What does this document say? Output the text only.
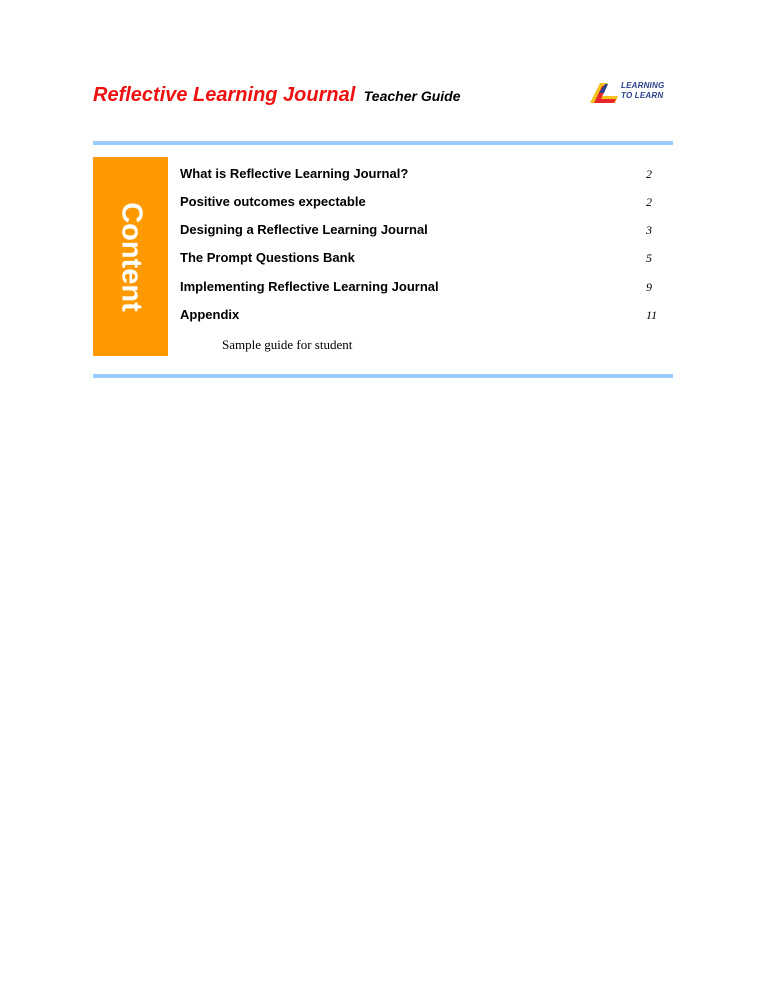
Reflective Learning Journal Teacher Guide
LEARNING
TO LEARN
Content
What is Reflective Learning Journal?	2
Positive outcomes expectable	2
Designing a Reflective Learning Journal	3
The Prompt Questions Bank	5
Implementing Reflective Learning Journal	9
Appendix	11
Sample guide for student
